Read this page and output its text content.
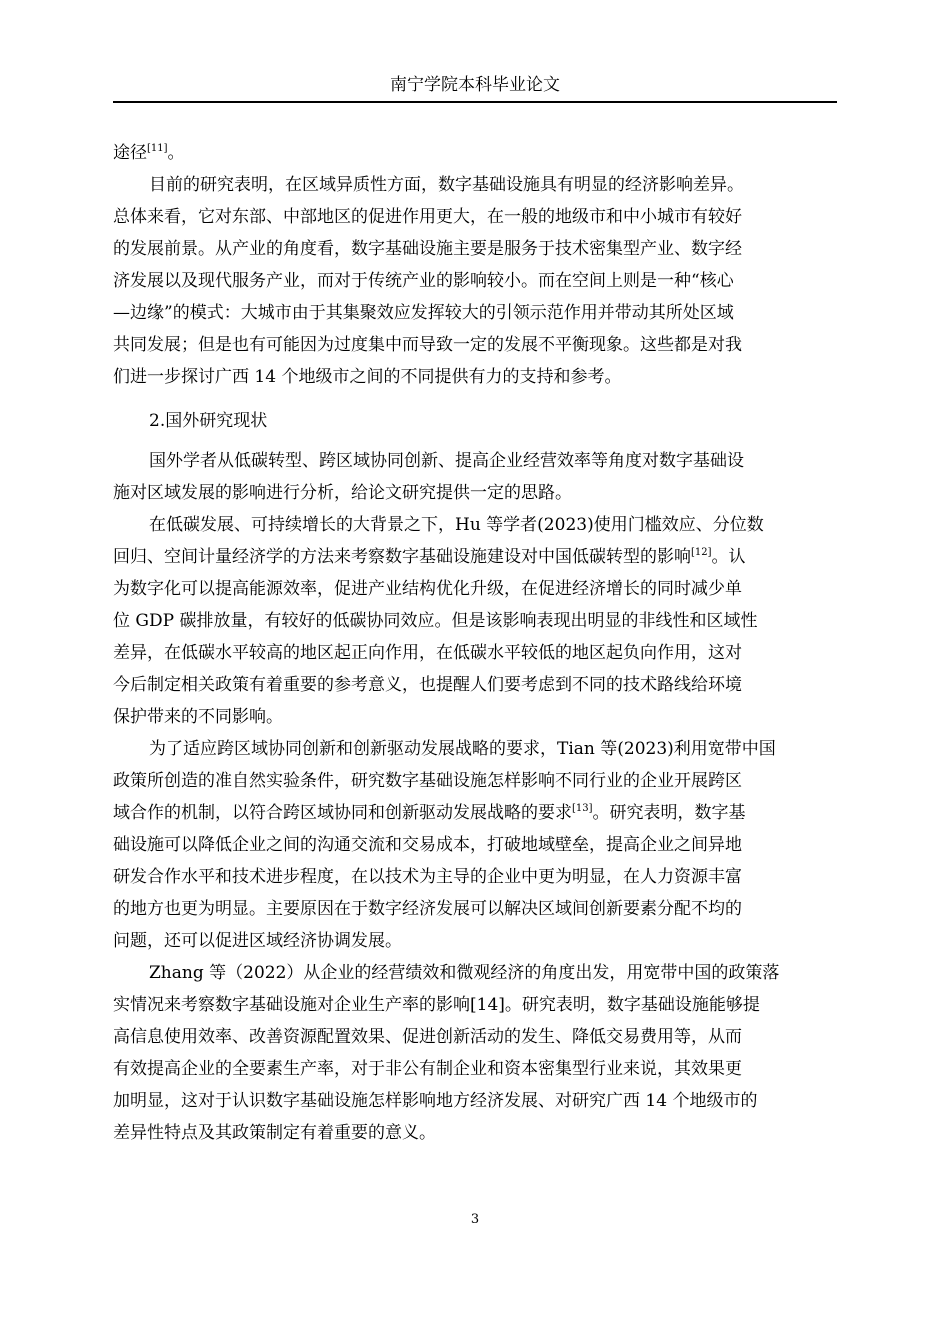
南宁学院本科毕业论文
途径[11]。
目前的研究表明，在区域异质性方面，数字基础设施具有明显的经济影响差异。
总体来看，它对东部、中部地区的促进作用更大，在一般的地级市和中小城市有较好
的发展前景。从产业的角度看，数字基础设施主要是服务于技术密集型产业、数字经
济发展以及现代服务产业，而对于传统产业的影响较小。而在空间上则是一种“核心
—边缘”的模式：大城市由于其集聚效应发挥较大的引领示范作用并带动其所处区域
共同发展；但是也有可能因为过度集中而导致一定的发展不平衡现象。这些都是对我
们进一步探讨广西 14 个地级市之间的不同提供有力的支持和参考。
2.国外研究现状
国外学者从低碳转型、跨区域协同创新、提高企业经营效率等角度对数字基础设
施对区域发展的影响进行分析，给论文研究提供一定的思路。
在低碳发展、可持续增长的大背景之下，Hu 等学者(2023)使用门槛效应、分位数
回归、空间计量经济学的方法来考察数字基础设施建设对中国低碳转型的影响[12]。认
为数字化可以提高能源效率，促进产业结构优化升级，在促进经济增长的同时减少单
位 GDP 碳排放量，有较好的低碳协同效应。但是该影响表现出明显的非线性和区域性
差异，在低碳水平较高的地区起正向作用，在低碳水平较低的地区起负向作用，这对
今后制定相关政策有着重要的参考意义，也提醒人们要考虑到不同的技术路线给环境
保护带来的不同影响。
为了适应跨区域协同创新和创新驱动发展战略的要求，Tian 等(2023)利用宽带中国
政策所创造的准自然实验条件，研究数字基础设施怎样影响不同行业的企业开展跨区
域合作的机制，以符合跨区域协同和创新驱动发展战略的要求[13]。研究表明，数字基
础设施可以降低企业之间的沟通交流和交易成本，打破地域壁垒，提高企业之间异地
研发合作水平和技术进步程度，在以技术为主导的企业中更为明显，在人力资源丰富
的地方也更为明显。主要原因在于数字经济发展可以解决区域间创新要素分配不均的
问题，还可以促进区域经济协调发展。
Zhang 等（2022）从企业的经营绩效和微观经济的角度出发，用宽带中国的政策落
实情况来考察数字基础设施对企业生产率的影响[14]。研究表明，数字基础设施能够提
高信息使用效率、改善资源配置效果、促进创新活动的发生、降低交易费用等，从而
有效提高企业的全要素生产率，对于非公有制企业和资本密集型行业来说，其效果更
加明显，这对于认识数字基础设施怎样影响地方经济发展、对研究广西 14 个地级市的
差异性特点及其政策制定有着重要的意义。
3
